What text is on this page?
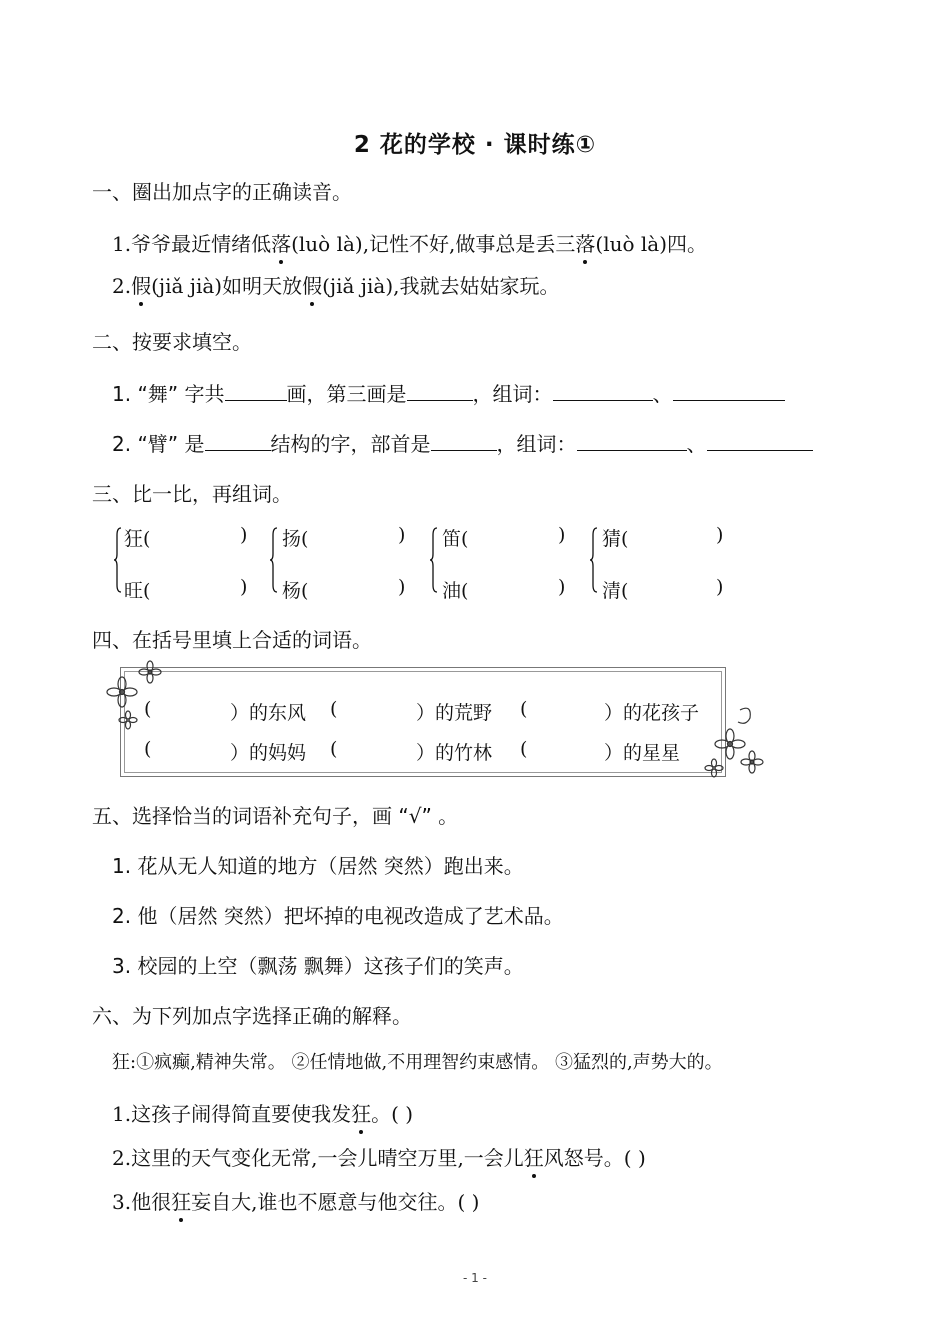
2 花的学校 · 课时练①
一、圈出加点字的正确读音。
1.爷爷最近情绪低落(luò là),记性不好,做事总是丢三落(luò là)四。
2.假(jiǎ jià)如明天放假(jiǎ jià),我就去姑姑家玩。
二、按要求填空。
1. “舞” 字共	画，第三画是	，组词：	、
2. “臂” 是	结构的字，部首是	，组词：	、
三、比一比，再组词。
狂(	)
旺(	)
扬(	)
杨(	)
笛(	)
油(	)
猜(	)
清(	)
四、在括号里填上合适的词语。
(	）的东风 (	）的荒野 (	）的花孩子
(	）的妈妈 (	）的竹林 (	）的星星
五、选择恰当的词语补充句子，画 “√” 。
1. 花从无人知道的地方（居然 突然）跑出来。
2. 他（居然 突然）把坏掉的电视改造成了艺术品。
3. 校园的上空（飘荡 飘舞）这孩子们的笑声。
六、为下列加点字选择正确的解释。
狂:①疯癫,精神失常。 ②任情地做,不用理智约束感情。 ③猛烈的,声势大的。
1.这孩子闹得简直要使我发狂。( )
2.这里的天气变化无常,一会儿晴空万里,一会儿狂风怒号。( )
3.他很狂妄自大,谁也不愿意与他交往。( )
- 1 -
